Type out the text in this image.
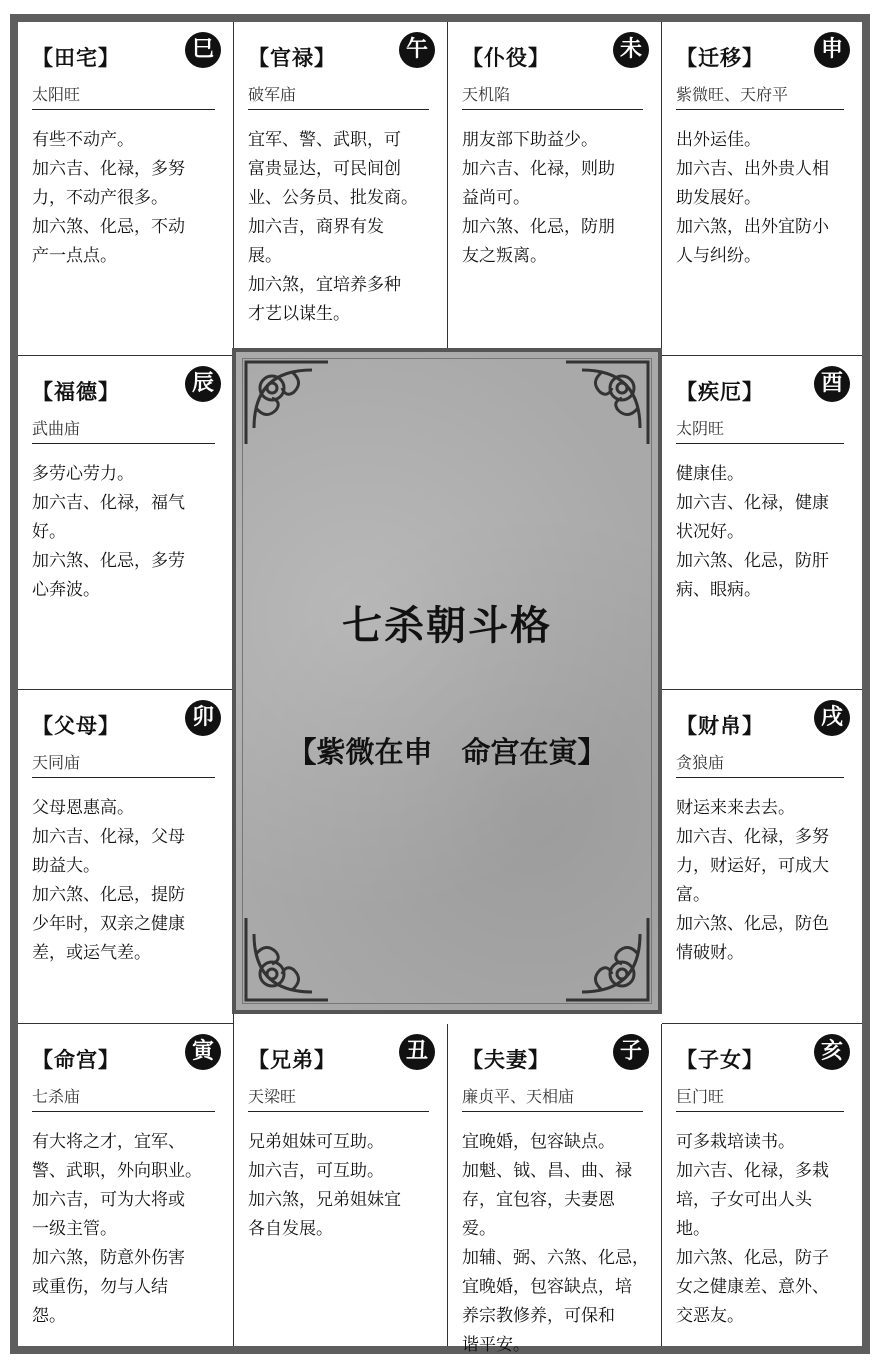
【田宅】	巳
太阳旺

有些不动产。

加六吉、化禄，多努

力，不动产很多。

加六煞、化忌，不动

产一点点。

【官禄】	午
破军庙

宜军、警、武职，可

富贵显达，可民间创

业、公务员、批发商。

加六吉，商界有发

展。

加六煞，宜培养多种

才艺以谋生。

【仆役】	未
天机陷

朋友部下助益少。

加六吉、化禄，则助

益尚可。

加六煞、化忌，防朋

友之叛离。

【迁移】	申
紫微旺、天府平

出外运佳。

加六吉、出外贵人相

助发展好。

加六煞，出外宜防小

人与纠纷。

【福德】	辰
武曲庙

多劳心劳力。

加六吉、化禄，福气

好。

加六煞、化忌，多劳

心奔波。

【疾厄】	酉
太阴旺

健康佳。

加六吉、化禄，健康

状况好。

加六煞、化忌，防肝

病、眼病。

【父母】	卯
天同庙

父母恩惠高。

加六吉、化禄，父母

助益大。

加六煞、化忌，提防

少年时，双亲之健康

差，或运气差。

【财帛】	戌
贪狼庙

财运来来去去。

加六吉、化禄，多努

力，财运好，可成大

富。

加六煞、化忌，防色

情破财。

【命宫】	寅
七杀庙

有大将之才，宜军、

警、武职，外向职业。

加六吉，可为大将或

一级主管。

加六煞，防意外伤害

或重伤，勿与人结

怨。

【兄弟】	丑
天梁旺

兄弟姐妹可互助。

加六吉，可互助。

加六煞，兄弟姐妹宜

各自发展。

【夫妻】	子
廉贞平、天相庙

宜晚婚，包容缺点。

加魁、钺、昌、曲、禄

存，宜包容，夫妻恩

爱。

加辅、弼、六煞、化忌，

宜晚婚，包容缺点，培

养宗教修养，可保和

谐平安。

【子女】	亥
巨门旺

可多栽培读书。

加六吉、化禄，多栽

培，子女可出人头

地。

加六煞、化忌，防子

女之健康差、意外、

交恶友。

七杀朝斗格
【紫微在申　命宫在寅】
